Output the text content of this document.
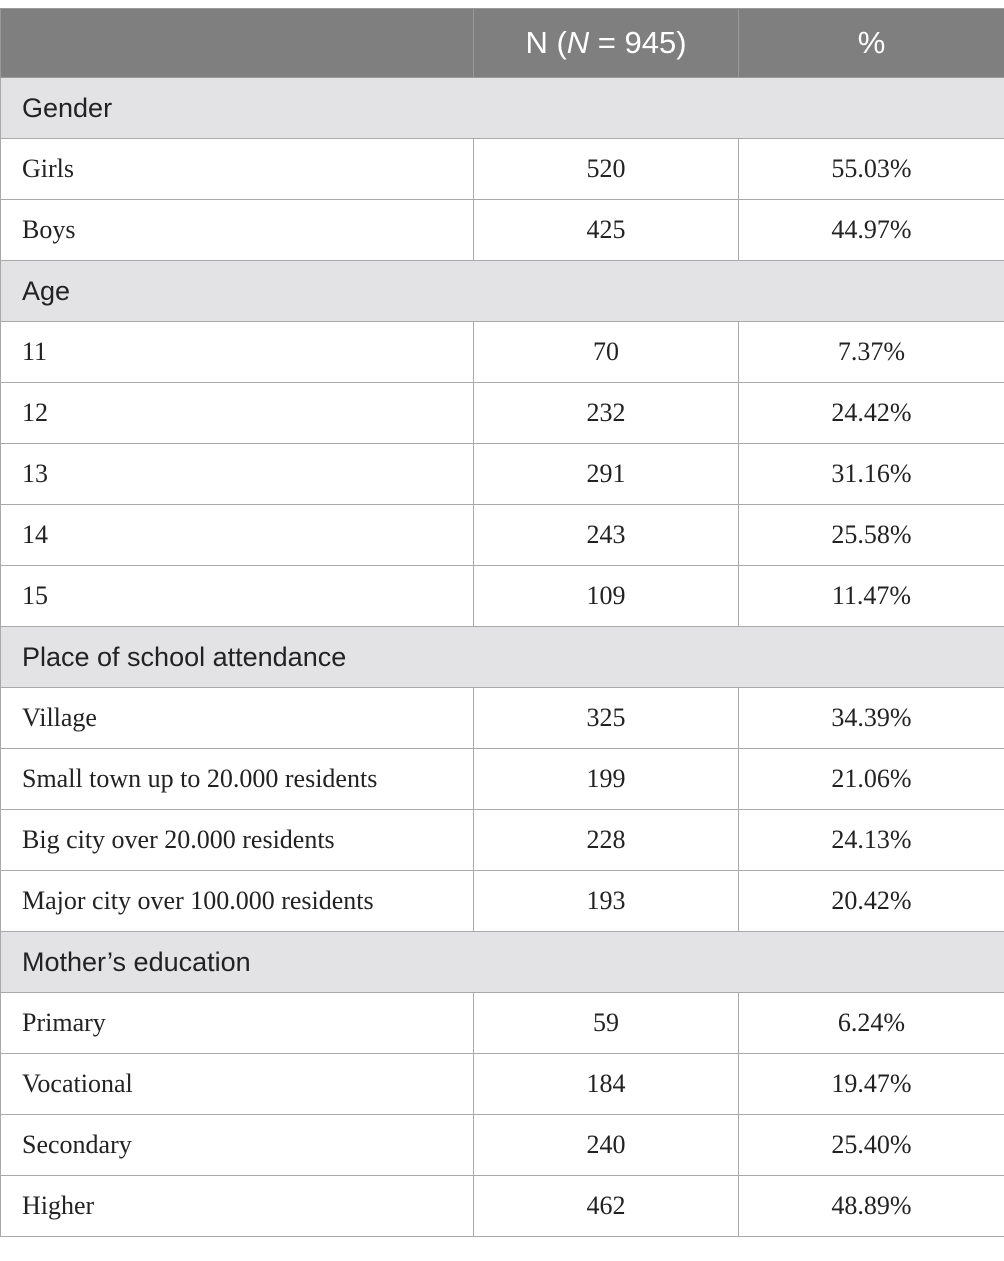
	N (N = 945)	%
Gender		
Girls	520	55.03%
Boys	425	44.97%
Age		
11	70	7.37%
12	232	24.42%
13	291	31.16%
14	243	25.58%
15	109	11.47%
Place of school attendance		
Village	325	34.39%
Small town up to 20.000 residents	199	21.06%
Big city over 20.000 residents	228	24.13%
Major city over 100.000 residents	193	20.42%
Mother’s education		
Primary	59	6.24%
Vocational	184	19.47%
Secondary	240	25.40%
Higher	462	48.89%
